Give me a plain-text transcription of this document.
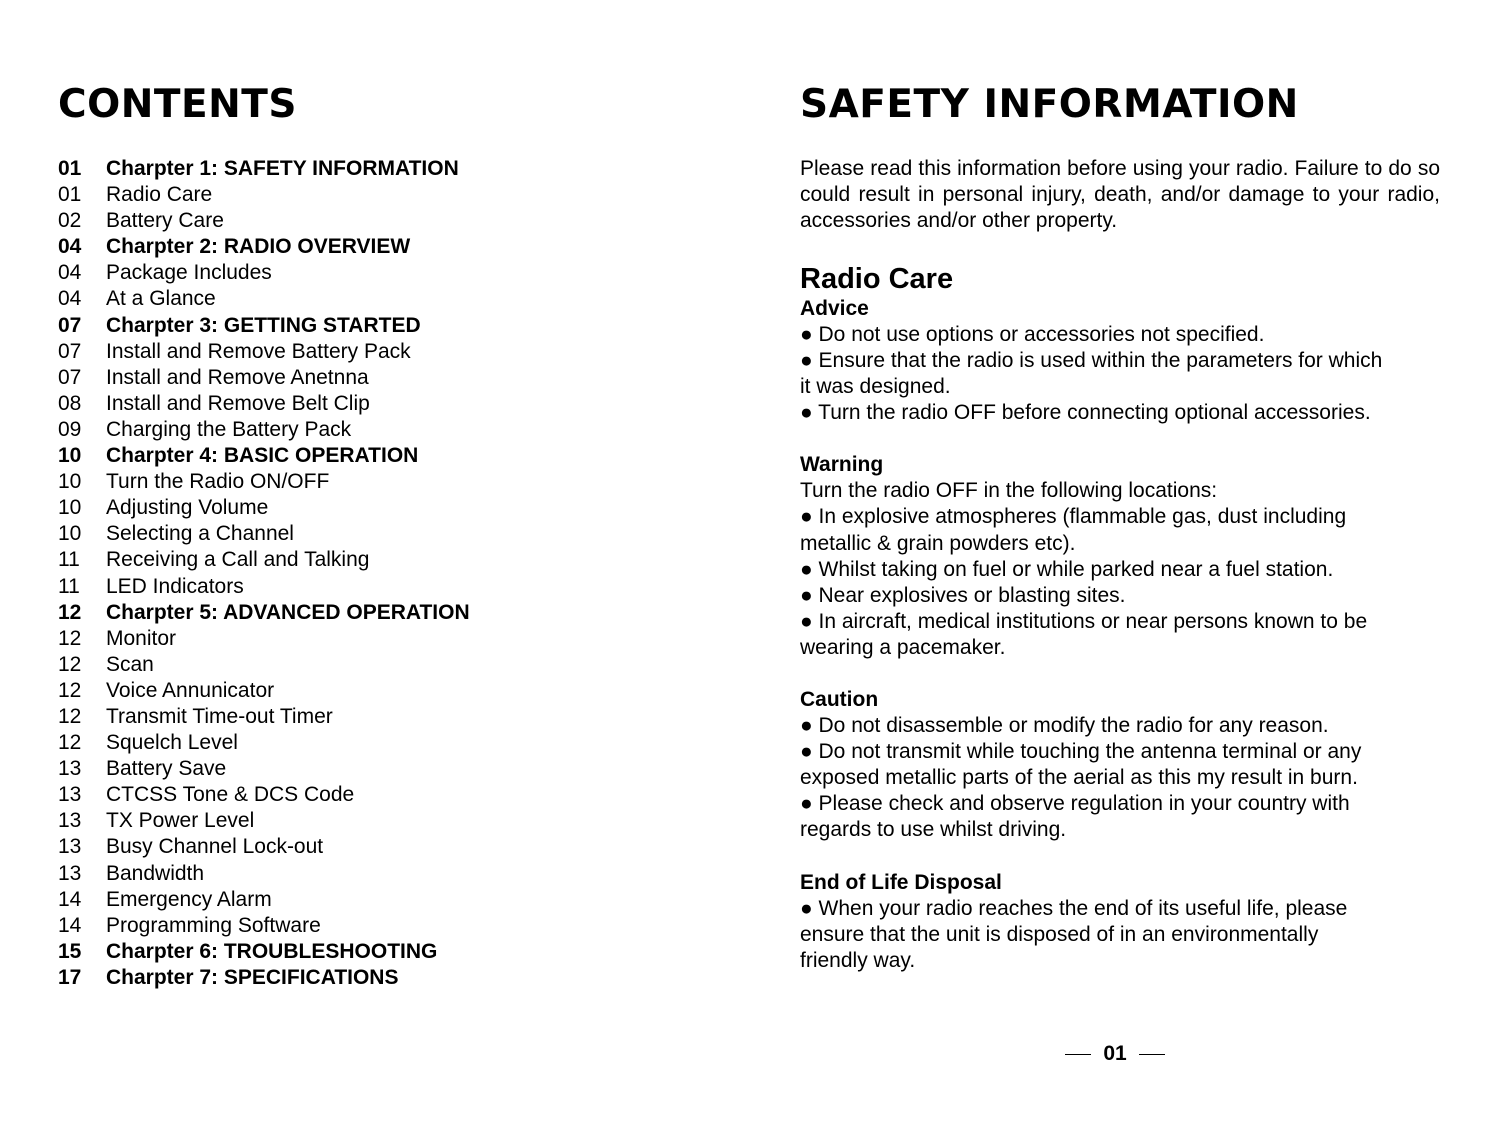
CONTENTS
01	Charpter 1: SAFETY INFORMATION
01	Radio Care
02	Battery Care
04	Charpter 2: RADIO OVERVIEW
04	Package Includes
04	At a Glance
07	Charpter 3: GETTING STARTED
07	Install and Remove Battery Pack
07	Install and Remove Anetnna
08	Install and Remove Belt Clip
09	Charging the Battery Pack
10	Charpter 4: BASIC OPERATION
10	Turn the Radio ON/OFF
10	Adjusting Volume
10	Selecting a Channel
11	Receiving a Call and Talking
11	LED Indicators
12	Charpter 5: ADVANCED OPERATION
12	Monitor
12	Scan
12	Voice Annunicator
12	Transmit Time-out Timer
12	Squelch Level
13	Battery Save
13	CTCSS Tone & DCS Code
13	TX Power Level
13	Busy Channel Lock-out
13	Bandwidth
14	Emergency Alarm
14	Programming Software
15	Charpter 6: TROUBLESHOOTING
17	Charpter 7: SPECIFICATIONS
SAFETY INFORMATION
Please read this information before using your radio. Failure to do so could result in personal injury, death, and/or damage to your radio, accessories and/or other property.
Radio Care
Advice
● Do not use options or accessories not specified.
● Ensure that the radio is used within the parameters for which
it was designed.
● Turn the radio OFF before connecting optional accessories.
Warning
Turn the radio OFF in the following locations:
● In explosive atmospheres (flammable gas, dust including
metallic & grain powders etc).
● Whilst taking on fuel or while parked near a fuel station.
● Near explosives or blasting sites.
● In aircraft, medical institutions or near persons known to be
wearing a pacemaker.
Caution
● Do not disassemble or modify the radio for any reason.
● Do not transmit while touching the antenna terminal or any
exposed metallic parts of the aerial as this my result in burn.
● Please check and observe regulation in your country with
regards to use whilst driving.
End of Life Disposal
● When your radio reaches the end of its useful life, please
ensure that the unit is disposed of in an environmentally
friendly way.
01
